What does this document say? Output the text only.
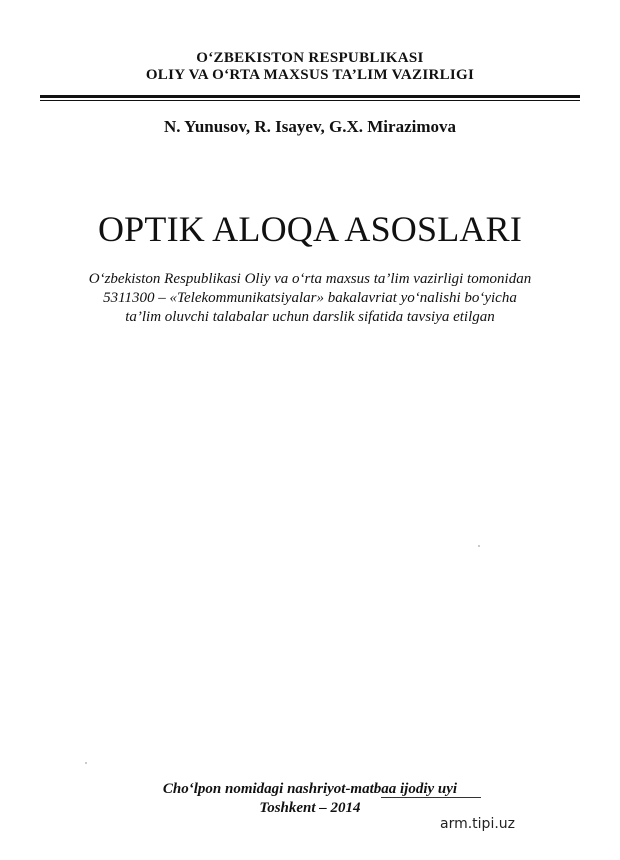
O‘ZBEKISTON RESPUBLIKASI
OLIY VA O‘RTA MAXSUS TA’LIM VAZIRLIGI
N. Yunusov, R. Isayev, G.X. Mirazimova
OPTIK ALOQA ASOSLARI
O‘zbekiston Respublikasi Oliy va o‘rta maxsus ta’lim vazirligi tomonidan
5311300 – «Telekommunikatsiyalar» bakalavriat yo‘nalishi bo‘yicha
ta’lim oluvchi talabalar uchun darslik sifatida tavsiya etilgan
Cho‘lpon nomidagi nashriyot-matbaa ijodiy uyi
Toshkent – 2014
arm.tipi.uz
